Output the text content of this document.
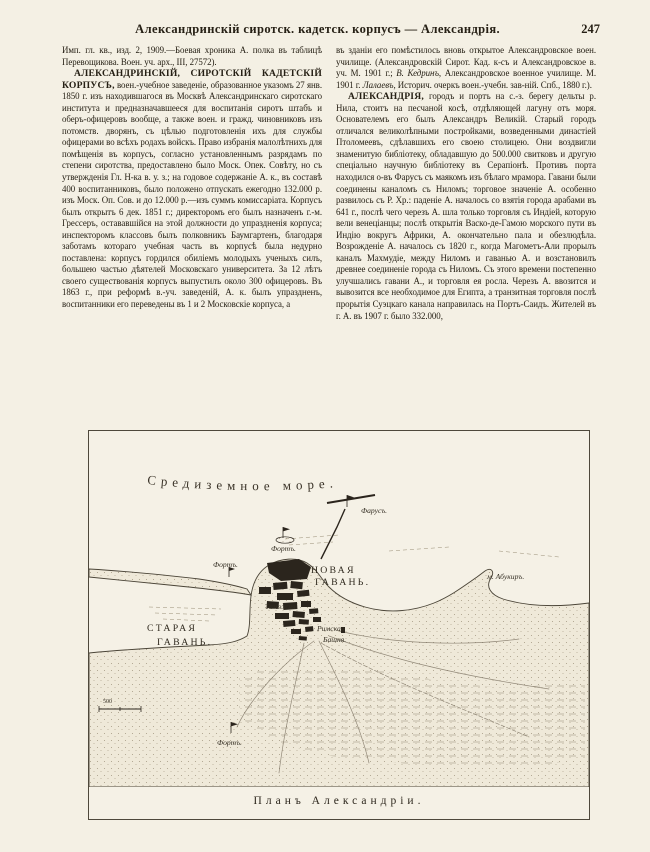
Александринскій сиротск. кадетск. корпусъ — Александрія.	247

Имп. гл. кв., изд. 2, 1909.—Боевая хроника А. полка въ таблицѣ Перевощикова. Воен. уч. арх., III, 27572).

АЛЕКСАНДРИНСКІЙ, СИРОТСКІЙ КАДЕТСКІЙ КОРПУСЪ, воен.-учебное заведеніе, образованное указомъ 27 янв. 1850 г. изъ находившагося въ Москвѣ Александринскаго сиротскаго института и предназначавшееся для воспитанія сиротъ штабъ и оберъ-офицеровъ вообще, а также воен. и гражд. чиновниковъ изъ потомств. дворянъ, съ цѣлью подготовленія ихъ для службы офицерами во всѣхъ родахъ войскъ. Право избранія малолѣтнихъ для помѣщенія въ корпусъ, согласно установленнымъ разрядамъ по степени сиротства, предоставлено было Моск. Опек. Совѣту, но съ утвержденія Гл. Н-ка в. у. з.; на годовое содержаніе А. к., въ составѣ 400 воспитанниковъ, было положено отпускать ежегодно 132.000 р. изъ Моск. Оп. Сов. и до 12.000 р.—изъ суммъ комиссаріата. Корпусъ былъ открытъ 6 дек. 1851 г.; директоромъ его былъ назначенъ г.-м. Грессеръ, остававшійся на этой должности до упраздненія корпуса; инспекторомъ классовъ былъ полковникъ Баумгартенъ, благодаря заботамъ котораго учебная часть въ корпусѣ была недурно поставлена: корпусъ гордился обиліемъ молодыхъ ученыхъ силъ, большею частью дѣятелей Московскаго университета. За 12 лѣтъ своего существованія корпусъ выпустилъ около 300 офицеровъ. Въ 1863 г., при реформѣ в.-уч. заведеній, А. к. былъ упраздненъ, воспитанники его переведены въ 1 и 2 Московскіе корпуса, а

въ зданіи его помѣстилось вновь открытое Александровское воен. училище. (Александровскій Сирот. Кад. к-съ и Александровское в. уч. М. 1901 г.; В. Кедринъ, Александровское военное училище. М. 1901 г. Лалаевъ, Историч. очеркъ воен.-учебн. зав-ній. Спб., 1880 г.).

АЛЕКСАНДРІЯ, городъ и портъ на с.-з. берегу дельты р. Нила, стоитъ на песчаной косѣ, отдѣляющей лагуну отъ моря. Основателемъ его былъ Александръ Великій. Старый городъ отличался великолѣпными постройками, возведенными династіей Птоломеевъ, сдѣлавшихъ его своею столицею. Они воздвигли знаменитую библіотеку, обладавшую до 500.000 свитковъ и другую спеціально научную библіотеку въ Серапіонѣ. Противъ порта находился о-въ Фарусъ съ маякомъ изъ бѣлаго мрамора. Гавани были соединены каналомъ съ Ниломъ; торговое значеніе А. особенно развилось съ Р. Хр.: паденіе А. началось со взятія города арабами въ 641 г., послѣ чего черезъ А. шла только торговля съ Индіей, которую вели венеціанцы; послѣ открытія Васко-де-Гамою морского пути въ Индію вокругъ Африки, А. окончательно пала и обезлюдѣла. Возрожденіе А. началось съ 1820 г., когда Магометъ-Али прорылъ каналъ Махмудіе, между Ниломъ и гаванью А. и возстановилъ древнее соединеніе города съ Ниломъ. Съ этого времени постепенно улучшались гавани А., и торговля ея росла. Черезъ А. ввозится и вывозится все необходимое для Египта, а транзитная торговля послѣ прорытія Суэцкаго канала направилась на Портъ-Саидъ. Жителей въ г. А. въ 1907 г. было 332.000,

Средиземное море.
500
Фарусъ.
Фортъ.
Фортъ.
НОВАЯ
ГАВАНЬ.
м. Абукиръ.
Таможня.
СТАРАЯ
ГАВАНЬ.
Римская
Башня.
Фортъ.
Планъ Александріи.
